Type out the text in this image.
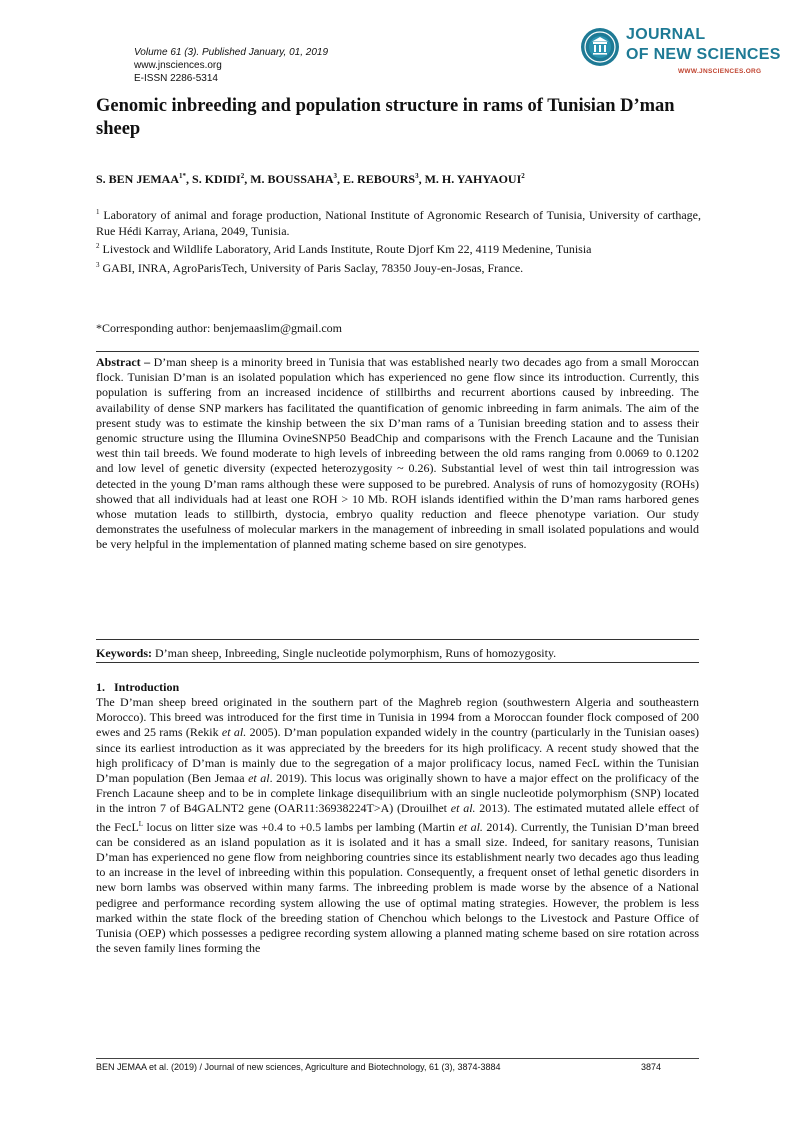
Volume 61 (3). Published January, 01, 2019
www.jnsciences.org
E-ISSN 2286-5314
JOURNAL
OF NEW SCIENCES
WWW.JNSCIENCES.ORG
Genomic inbreeding and population structure in rams of Tunisian D’man sheep
S. BEN $JEMAA^{1*}$, S. KDIDI$^2$, M. BOUSSAHA$^3$, E. REBOURS$^3$, M. H. YAHYAOUI$^2$

$^1$ Laboratory of animal and forage production, National Institute of Agronomic Research of Tunisia, University of carthage, Rue Hédi Karray, Ariana, 2049, Tunisia.

$^2$ Livestock and Wildlife Laboratory, Arid Lands Institute, Route Djorf Km 22, 4119 Medenine, Tunisia

$^3$ GABI, INRA, AgroParisTech, University of Paris Saclay, 78350 Jouy-en-Josas, France.

*Corresponding author: benjemaaslim@gmail.com

Abstract – D’man sheep is a minority breed in Tunisia that was established nearly two decades ago from a small Moroccan flock. Tunisian D’man is an isolated population which has experienced no gene flow since its introduction. Currently, this population is suffering from an increased incidence of stillbirths and recurrent abortions caused by inbreeding. The availability of dense SNP markers has facilitated the quantification of genomic inbreeding in farm animals. The aim of the present study was to estimate the kinship between the six D’man rams of a Tunisian breeding station and to assess their genomic structure using the Illumina OvineSNP50 BeadChip and comparisons with the French Lacaune and the Tunisian west thin tail breeds. We found moderate to high levels of inbreeding between the old rams ranging from 0.0069 to 0.1202 and low level of genetic diversity (expected heterozygosity ~ 0.26). Substantial level of west thin tail introgression was detected in the young D’man rams although these were supposed to be purebred. Analysis of runs of homozygosity (ROHs) showed that all individuals had at least one ROH > 10 Mb. ROH islands identified within the D’man rams harbored genes whose mutation leads to stillbirth, dystocia, embryo quality reduction and fleece phenotype variation. Our study demonstrates the usefulness of molecular markers in the management of inbreeding in small isolated populations and would be very helpful in the implementation of planned mating scheme based on sire genotypes.

Keywords: D’man sheep, Inbreeding, Single nucleotide polymorphism, Runs of homozygosity.

1.   Introduction

The D’man sheep breed originated in the southern part of the Maghreb region (southwestern Algeria and southeastern Morocco). This breed was introduced for the first time in Tunisia in 1994 from a Moroccan founder flock composed of 200 ewes and 25 rams (Rekik et al. 2005). D’man population expanded widely in the country (particularly in the Tunisian oases) since its earliest introduction as it was appreciated by the breeders for its high prolificacy. A recent study showed that the high prolificacy of D’man is mainly due to the segregation of a major prolificacy locus, named FecL within the Tunisian D’man population (Ben Jemaa et al. 2019). This locus was originally shown to have a major effect on the prolificacy of the French Lacaune sheep and to be in complete linkage disequilibrium with an single nucleotide polymorphism (SNP) located in the intron 7 of B4GALNT2 gene (OAR11:36938224T>A) (Drouilhet et al. 2013). The estimated mutated allele effect of the FecL$^L$ locus on litter size was +0.4 to +0.5 lambs per lambing (Martin et al. 2014). Currently, the Tunisian D’man breed can be considered as an island population as it is isolated and it has a small size. Indeed, for sanitary reasons, Tunisian D’man has experienced no gene flow from neighboring countries since its establishment nearly two decades ago thus leading to an increase in the level of inbreeding within this population. Consequently, a frequent onset of lethal genetic disorders in new born lambs was observed within many farms. The inbreeding problem is made worse by the absence of a National pedigree and performance recording system allowing the use of optimal mating strategies. However, the problem is less marked within the state flock of the breeding station of Chenchou which belongs to the Livestock and Pasture Office of Tunisia (OEP) which possesses a pedigree recording system allowing a planned mating scheme based on sire rotation across the seven family lines forming the

BEN JEMAA et al. (2019) / Journal of new sciences, Agriculture and Biotechnology, 61 (3), 3874-3884	3874
